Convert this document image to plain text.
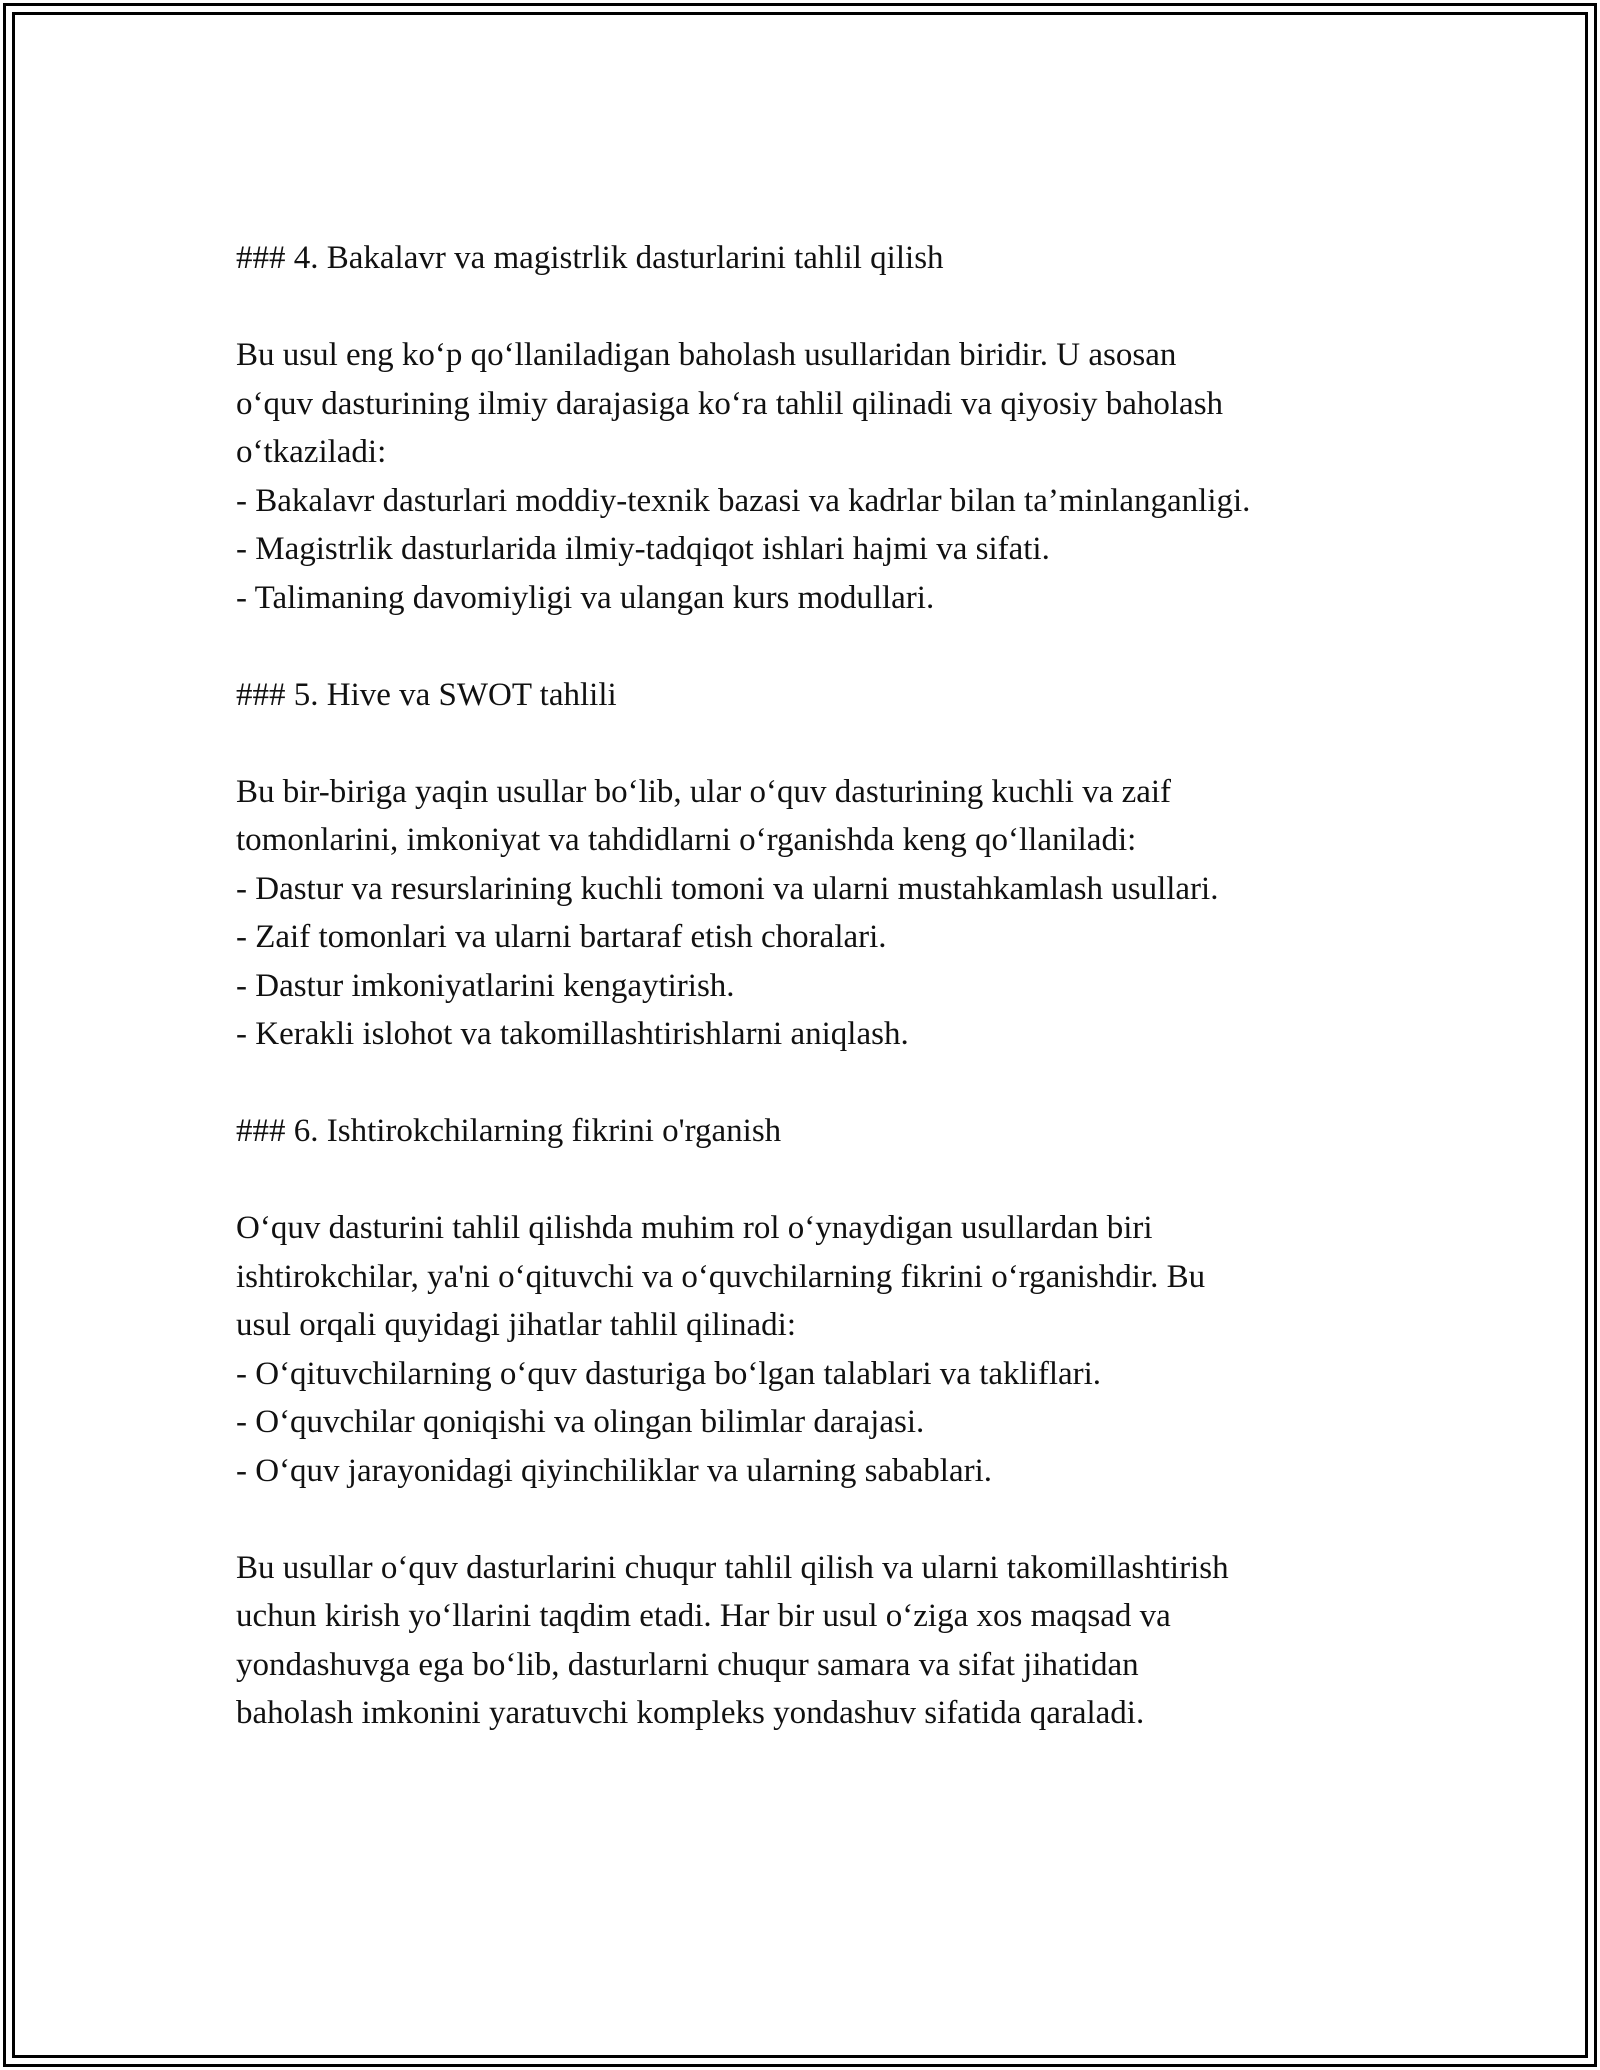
### 4. Bakalavr va magistrlik dasturlarini tahlil qilish
Bu usul eng ko‘p qo‘llaniladigan baholash usullaridan biridir. U asosan
o‘quv dasturining ilmiy darajasiga ko‘ra tahlil qilinadi va qiyosiy baholash
o‘tkaziladi:
- Bakalavr dasturlari moddiy-texnik bazasi va kadrlar bilan ta’minlanganligi.
- Magistrlik dasturlarida ilmiy-tadqiqot ishlari hajmi va sifati.
- Talimaning davomiyligi va ulangan kurs modullari.
### 5. Hive va SWOT tahlili
Bu bir-biriga yaqin usullar bo‘lib, ular o‘quv dasturining kuchli va zaif
tomonlarini, imkoniyat va tahdidlarni o‘rganishda keng qo‘llaniladi:
- Dastur va resurslarining kuchli tomoni va ularni mustahkamlash usullari.
- Zaif tomonlari va ularni bartaraf etish choralari.
- Dastur imkoniyatlarini kengaytirish.
- Kerakli islohot va takomillashtirishlarni aniqlash.
### 6. Ishtirokchilarning fikrini o'rganish
O‘quv dasturini tahlil qilishda muhim rol o‘ynaydigan usullardan biri
ishtirokchilar, ya'ni o‘qituvchi va o‘quvchilarning fikrini o‘rganishdir. Bu
usul orqali quyidagi jihatlar tahlil qilinadi:
- O‘qituvchilarning o‘quv dasturiga bo‘lgan talablari va takliflari.
- O‘quvchilar qoniqishi va olingan bilimlar darajasi.
- O‘quv jarayonidagi qiyinchiliklar va ularning sabablari.
Bu usullar o‘quv dasturlarini chuqur tahlil qilish va ularni takomillashtirish
uchun kirish yo‘llarini taqdim etadi. Har bir usul o‘ziga xos maqsad va
yondashuvga ega bo‘lib, dasturlarni chuqur samara va sifat jihatidan
baholash imkonini yaratuvchi kompleks yondashuv sifatida qaraladi.
